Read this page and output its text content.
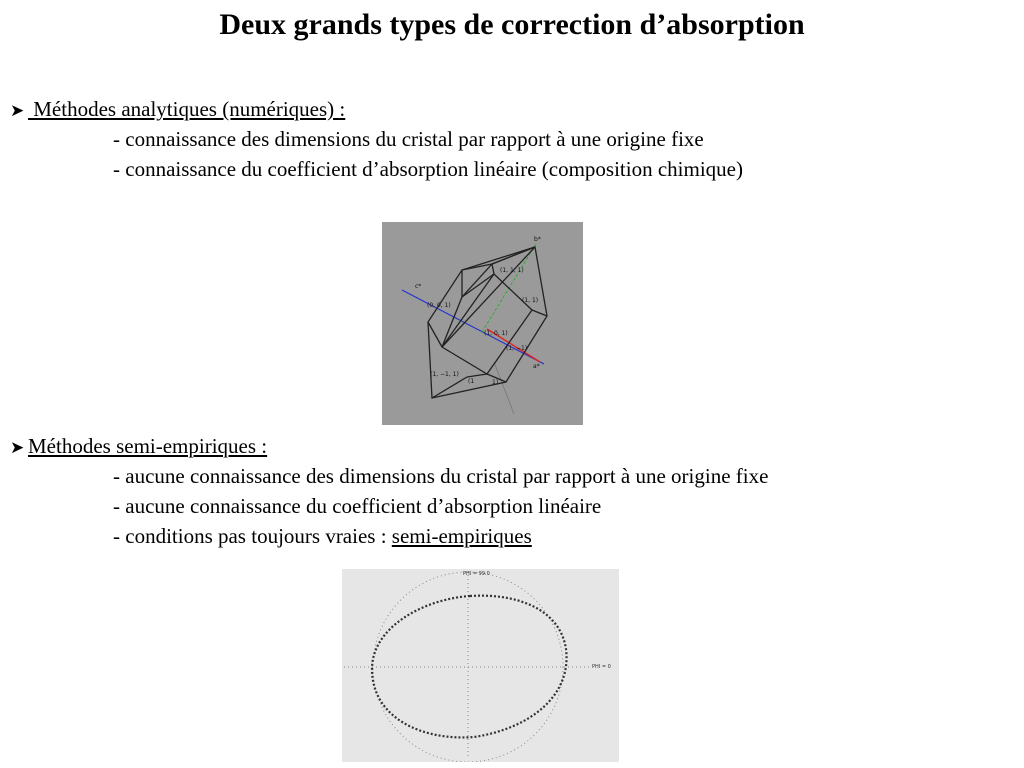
Deux grands types de correction d’absorption
➤ Méthodes analytiques (numériques) :
- connaissance des dimensions du cristal par rapport à une origine fixe
- connaissance du coefficient d’absorption linéaire (composition chimique)
b*
c*
a*
(1, 1, 1)
(0, 0, 1)
(1, 0, 1)
(1, −1, 1)
(1, −1)
(1, 1)
(1	1)
➤ Méthodes semi-empiriques :
- aucune connaissance des dimensions du cristal par rapport à une origine fixe
- aucune connaissance du coefficient d’absorption linéaire
- conditions pas toujours vraies : semi-empiriques
PHI = 99.0
PHI = 0
